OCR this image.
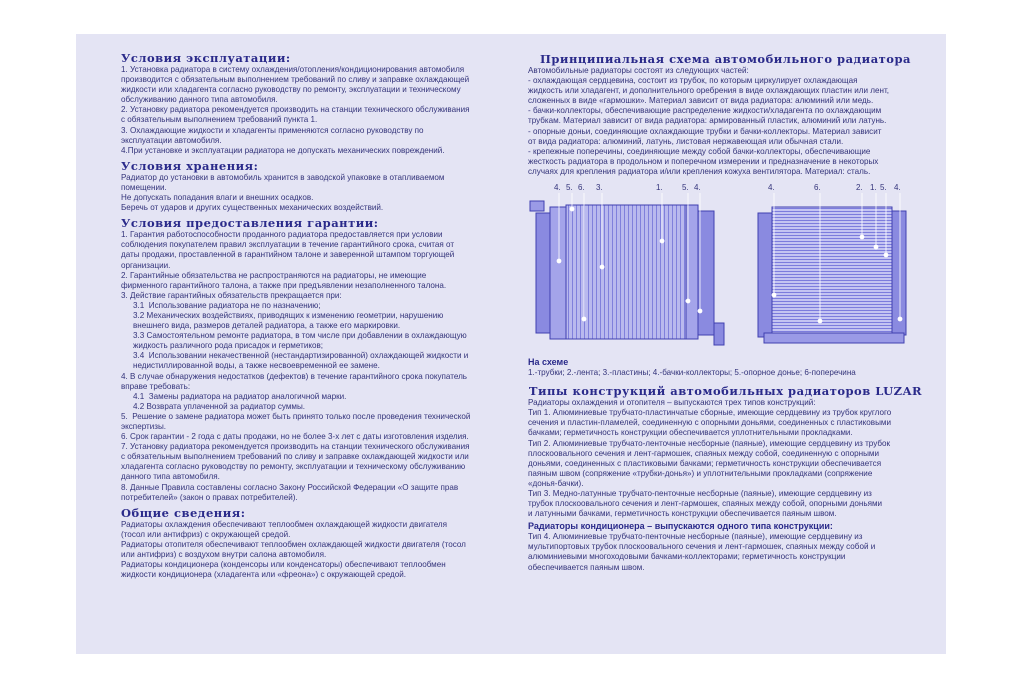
Условия эксплуатации:

1. Установка радиатора в систему охлаждения/отопления/кондиционирования автомобиля

производится с обязательным выполнением требований по сливу и заправке охлаждающей

жидкости или хладагента согласно руководству по ремонту, эксплуатации и техническому

обслуживанию данного типа автомобиля.

2. Установку радиатора рекомендуется производить на станции технического обслуживания

с обязательным выполнением требований пункта 1.

3. Охлаждающие жидкости и хладагенты применяются согласно руководству по

эксплуатации автомобиля.

4.При установке и эксплуатации радиатора не допускать механических повреждений.

Условия хранения:

Радиатор до установки в автомобиль хранится в заводской упаковке в отапливаемом

помещении.

Не допускать попадания влаги и внешних осадков.

Беречь от ударов и других существенных механических воздействий.

Условия предоставления гарантии:

1. Гарантия работоспособности проданного радиатора предоставляется при условии

соблюдения покупателем правил эксплуатации в течение гарантийного срока, считая от

даты продажи, проставленной в гарантийном талоне и заверенной штампом торгующей

организации.

2. Гарантийные обязательства не распространяются на радиаторы, не имеющие

фирменного гарантийного талона, а также при предъявлении незаполненного талона.

3. Действие гарантийных обязательств прекращается при:

3.1  Использование радиатора не по назначению;

3.2 Механических воздействиях, приводящих к изменению геометрии, нарушению

внешнего вида, размеров деталей радиатора, а также его маркировки.

3.3 Самостоятельном ремонте радиатора, в том числе при добавлении в охлаждающую

жидкость различного рода присадок и герметиков;

3.4  Использовании некачественной (нестандартизированной) охлаждающей жидкости и

недистиллированной воды, а также несвоевременной ее замене.

4. В случае обнаружения недостатков (дефектов) в течение гарантийного срока покупатель

вправе требовать:

4.1  Замены радиатора на радиатор аналогичной марки.

4.2 Возврата уплаченной за радиатор суммы.

5.  Решение о замене радиатора может быть принято только после проведения технической

экспертизы.

6. Срок гарантии - 2 года с даты продажи, но не более 3-х лет с даты изготовления изделия.

7. Установку радиатора рекомендуется производить на станции технического обслуживания

с обязательным выполнением требований по сливу и заправке охлаждающей жидкости или

хладагента согласно руководству по ремонту, эксплуатации и техническому обслуживанию

данного типа автомобиля.

8. Данные Правила составлены согласно Закону Российской Федерации «О защите прав

потребителей» (закон о правах потребителей).

Общие сведения:

Радиаторы охлаждения обеспечивают теплообмен охлаждающей жидкости двигателя

(тосол или антифриз) с окружающей средой.

Радиаторы отопителя обеспечивают теплообмен охлаждающей жидкости двигателя (тосол

или антифриз) с воздухом внутри салона автомобиля.

Радиаторы кондиционера (конденсоры или конденсаторы) обеспечивают теплообмен

жидкости кондиционера (хладагента или «фреона») с окружающей средой.

Принципиальная схема автомобильного радиатора

Автомобильные радиаторы состоят из следующих частей:

- охлаждающая сердцевина, состоит из трубок, по которым циркулирует охлаждающая

жидкость или хладагент, и дополнительного оребрения в виде охлаждающих пластин или лент,

сложенных в виде «гармошки». Материал зависит от вида радиатора: алюминий или медь.

- бачки-коллекторы, обеспечивающие распределение жидкости/хладагента по охлаждающим

трубкам. Материал зависит от вида радиатора: армированный пластик, алюминий или латунь.

- опорные доньи, соединяющие охлаждающие трубки и бачки-коллекторы. Материал зависит

от вида радиатора: алюминий, латунь, листовая нержавеющая или обычная стали.

- крепежные поперечины, соединяющие между собой бачки-коллекторы, обеспечивающие

жесткость радиатора в продольном и поперечном измерении и предназначение в некоторых

случаях для крепления радиатора и/или крепления кожуха вентилятора. Материал: сталь.

4. 5. 6. 3.	1. 5. 4.	4.	6.	2. 1. 5. 4.

На схеме

1.-трубки; 2.-лента; 3.-пластины; 4.-бачки-коллекторы; 5.-опорное донье; 6-поперечина

Типы конструкций автомобильных радиаторов LUZAR

Радиаторы охлаждения и отопителя – выпускаются трех типов конструкций:

Тип 1. Алюминиевые трубчато-пластинчатые сборные, имеющие сердцевину из трубок круглого

сечения и пластин-пламелей, соединенную с опорными доньями, соединенных с пластиковыми

бачками; герметичность конструкции обеспечивается уплотнительными прокладками.

Тип 2. Алюминиевые трубчато-ленточные несборные (паяные), имеющие сердцевину из трубок

плоскоовального сечения и лент-гармошек, спаяных между собой, соединенную с опорными

доньями, соединенных с пластиковыми бачками; герметичность конструкции обеспечивается

паяным швом (сопряжение «трубки-донья») и уплотнительными прокладками (сопряжение

«донья-бачки).

Тип 3. Медно-латунные трубчато-пенточные несборные (паяные), имеющие сердцевину из

трубок плоскоовального сечения и лент-гармошек, спаяных между собой, опорными доньями

и латунными бачками, герметичность конструкции обеспечивается паяным швом.

Радиаторы кондиционера – выпускаются одного типа конструкции:

Тип 4. Алюминиевые трубчато-пенточные несборные (паяные), имеющие сердцевину из

мультипортовых трубок плоскоовального сечения и лент-гармошек, спаяных между собой и

алюминиевыми многоходовыми бачками-коллекторами; герметичность конструкции

обеспечивается паяным швом.
